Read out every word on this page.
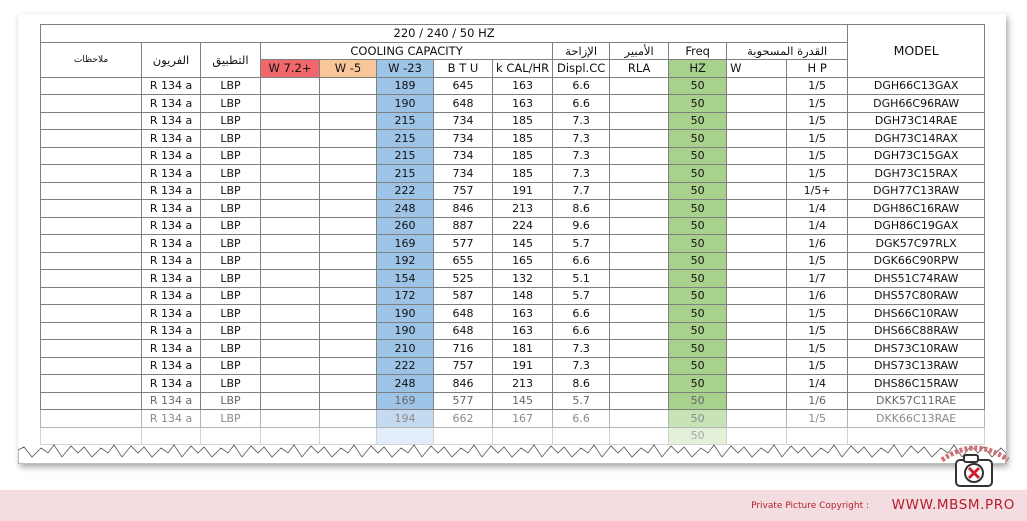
220 / 240 / 50 HZ													MODEL
ملاحظات	الفريون	التطبيق	COOLING CAPACITY					الإزاحة	الأمبير	Freq	القدرة المسحوبة		
			W 7.2+	W -5	W -23	B T U	k CAL/HR	Displ.CC	RLA	HZ	W	H P	
	R 134 a	LBP			189	645	163	6.6		50		1/5	DGH66C13GAX
	R 134 a	LBP			190	648	163	6.6		50		1/5	DGH66C96RAW
	R 134 a	LBP			215	734	185	7.3		50		1/5	DGH73C14RAE
	R 134 a	LBP			215	734	185	7.3		50		1/5	DGH73C14RAX
	R 134 a	LBP			215	734	185	7.3		50		1/5	DGH73C15GAX
	R 134 a	LBP			215	734	185	7.3		50		1/5	DGH73C15RAX
	R 134 a	LBP			222	757	191	7.7		50		1/5+	DGH77C13RAW
	R 134 a	LBP			248	846	213	8.6		50		1/4	DGH86C16RAW
	R 134 a	LBP			260	887	224	9.6		50		1/4	DGH86C19GAX
	R 134 a	LBP			169	577	145	5.7		50		1/6	DGK57C97RLX
	R 134 a	LBP			192	655	165	6.6		50		1/5	DGK66C90RPW
	R 134 a	LBP			154	525	132	5.1		50		1/7	DHS51C74RAW
	R 134 a	LBP			172	587	148	5.7		50		1/6	DHS57C80RAW
	R 134 a	LBP			190	648	163	6.6		50		1/5	DHS66C10RAW
	R 134 a	LBP			190	648	163	6.6		50		1/5	DHS66C88RAW
	R 134 a	LBP			210	716	181	7.3		50		1/5	DHS73C10RAW
	R 134 a	LBP			222	757	191	7.3		50		1/5	DHS73C13RAW
	R 134 a	LBP			248	846	213	8.6		50		1/4	DHS86C15RAW
	R 134 a	LBP			169	577	145	5.7		50		1/6	DKK57C11RAE
	R 134 a	LBP			194	662	167	6.6		50		1/5	DKK66C13RAE
										50			
Private Picture Copyright : WWW.MBSM.PRO
